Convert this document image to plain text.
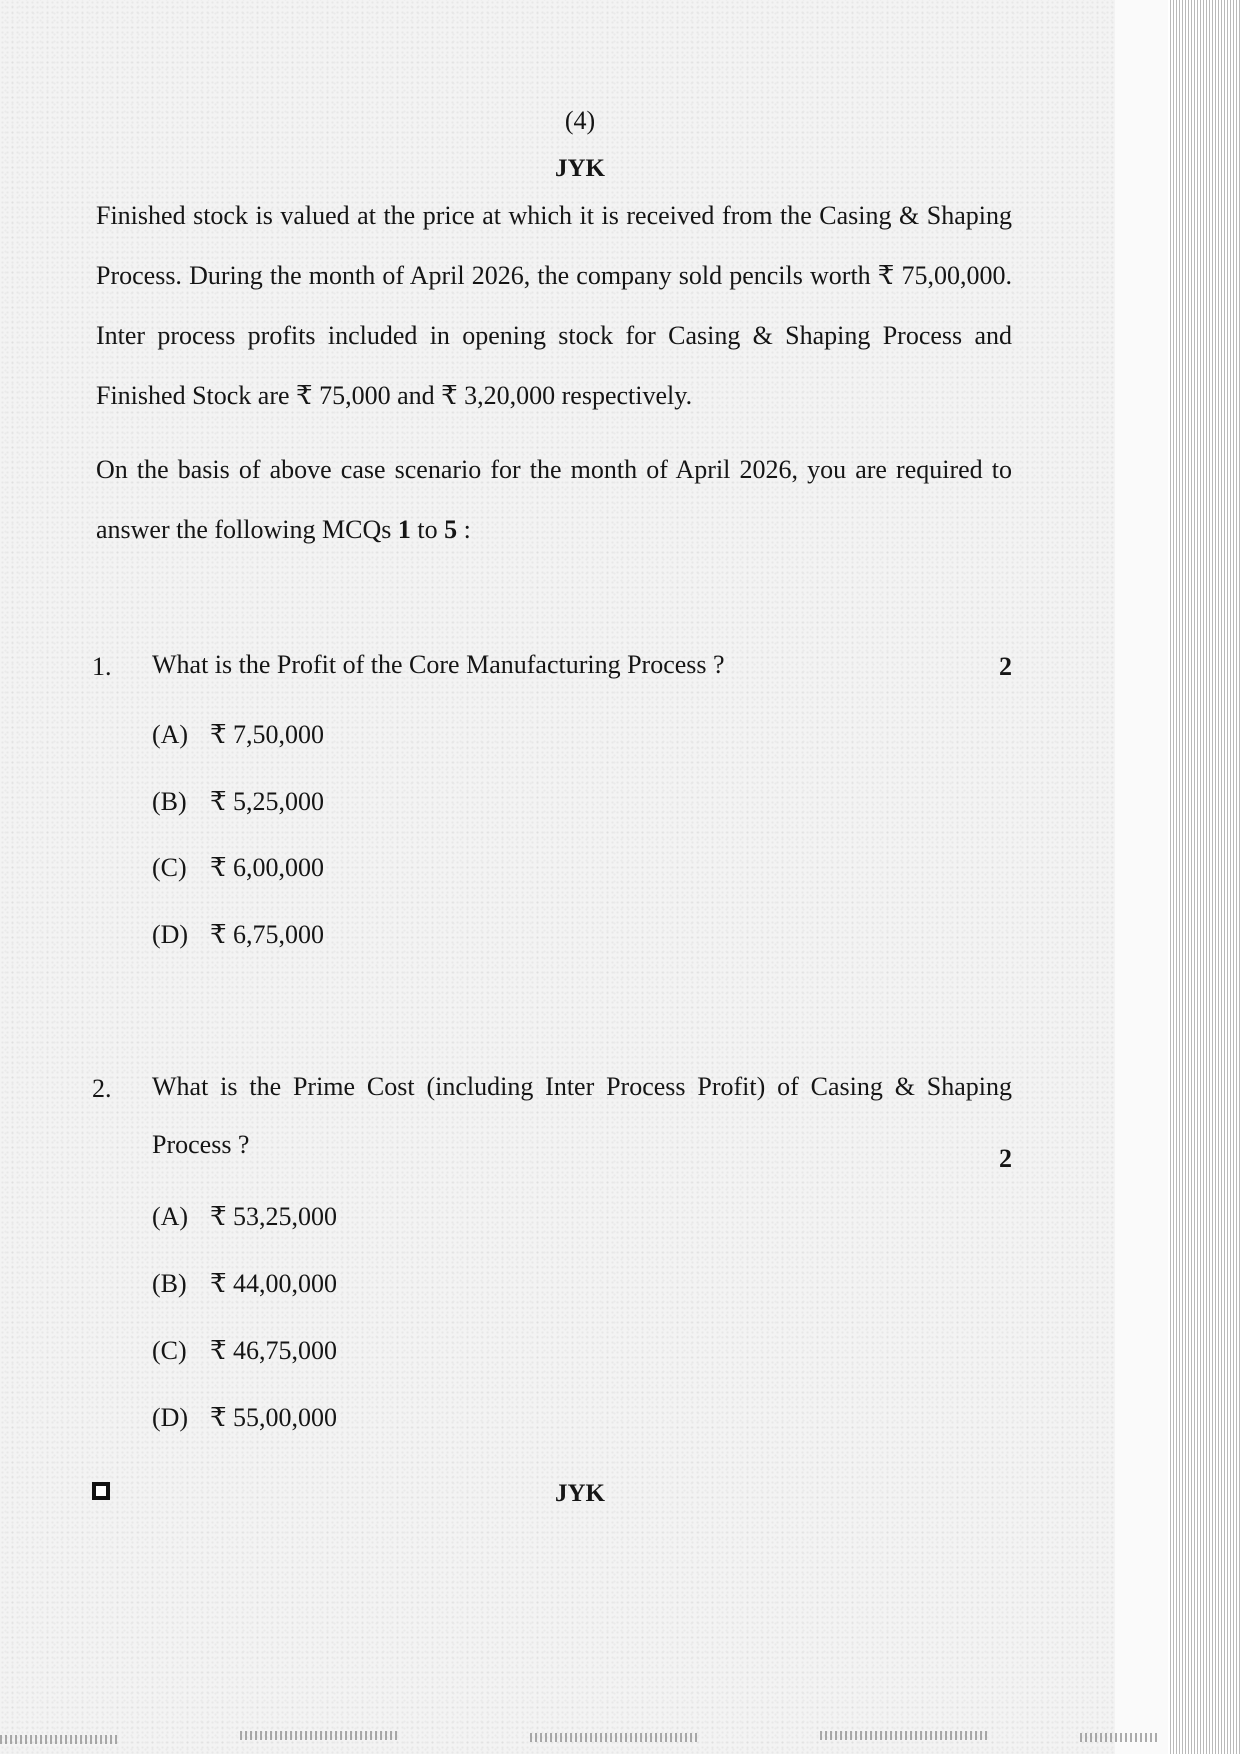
(4)
JYK

Finished stock is valued at the price at which it is received from the Casing & Shaping Process. During the month of April 2026, the company sold pencils worth ₹ 75,00,000. Inter process profits included in opening stock for Casing & Shaping Process and Finished Stock are ₹ 75,000 and ₹ 3,20,000 respectively.

On the basis of above case scenario for the month of April 2026, you are required to answer the following MCQs 1 to 5 :

1. What is the Profit of the Core Manufacturing Process ?	2
(A) ₹ 7,50,000
(B) ₹ 5,25,000
(C) ₹ 6,00,000
(D) ₹ 6,75,000
2. What is the Prime Cost (including Inter Process Profit) of Casing & Shaping Process ?	2
(A) ₹ 53,25,000
(B) ₹ 44,00,000
(C) ₹ 46,75,000
(D) ₹ 55,00,000
JYK
